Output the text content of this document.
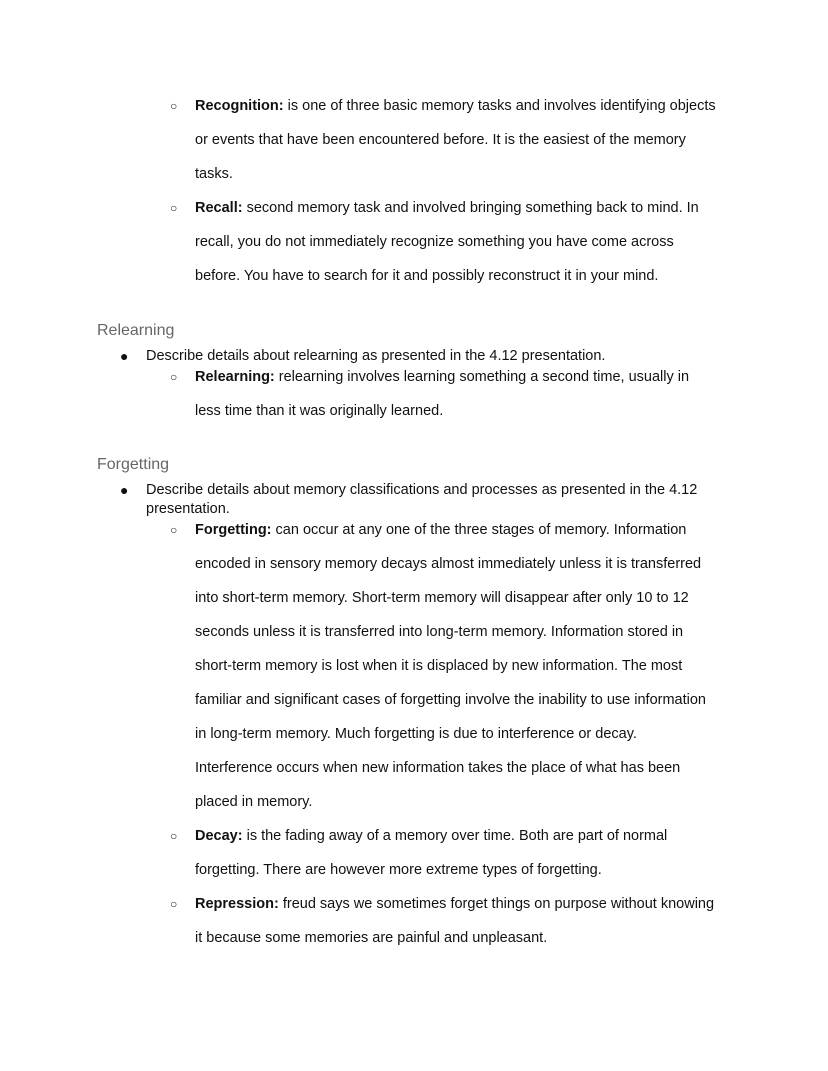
○ Recognition: is one of three basic memory tasks and involves identifying objects
or events that have been encountered before. It is the easiest of the memory
tasks.
○ Recall: second memory task and involved bringing something back to mind. In
recall, you do not immediately recognize something you have come across
before. You have to search for it and possibly reconstruct it in your mind.
Relearning
● Describe details about relearning as presented in the 4.12 presentation.
○ Relearning: relearning involves learning something a second time, usually in
less time than it was originally learned.
Forgetting
● Describe details about memory classifications and processes as presented in the 4.12
presentation.
○ Forgetting: can occur at any one of the three stages of memory. Information
encoded in sensory memory decays almost immediately unless it is transferred
into short-term memory. Short-term memory will disappear after only 10 to 12
seconds unless it is transferred into long-term memory. Information stored in
short-term memory is lost when it is displaced by new information. The most
familiar and significant cases of forgetting involve the inability to use information
in long-term memory. Much forgetting is due to interference or decay.
Interference occurs when new information takes the place of what has been
placed in memory.
○ Decay: is the fading away of a memory over time. Both are part of normal
forgetting. There are however more extreme types of forgetting.
○ Repression: freud says we sometimes forget things on purpose without knowing
it because some memories are painful and unpleasant.
